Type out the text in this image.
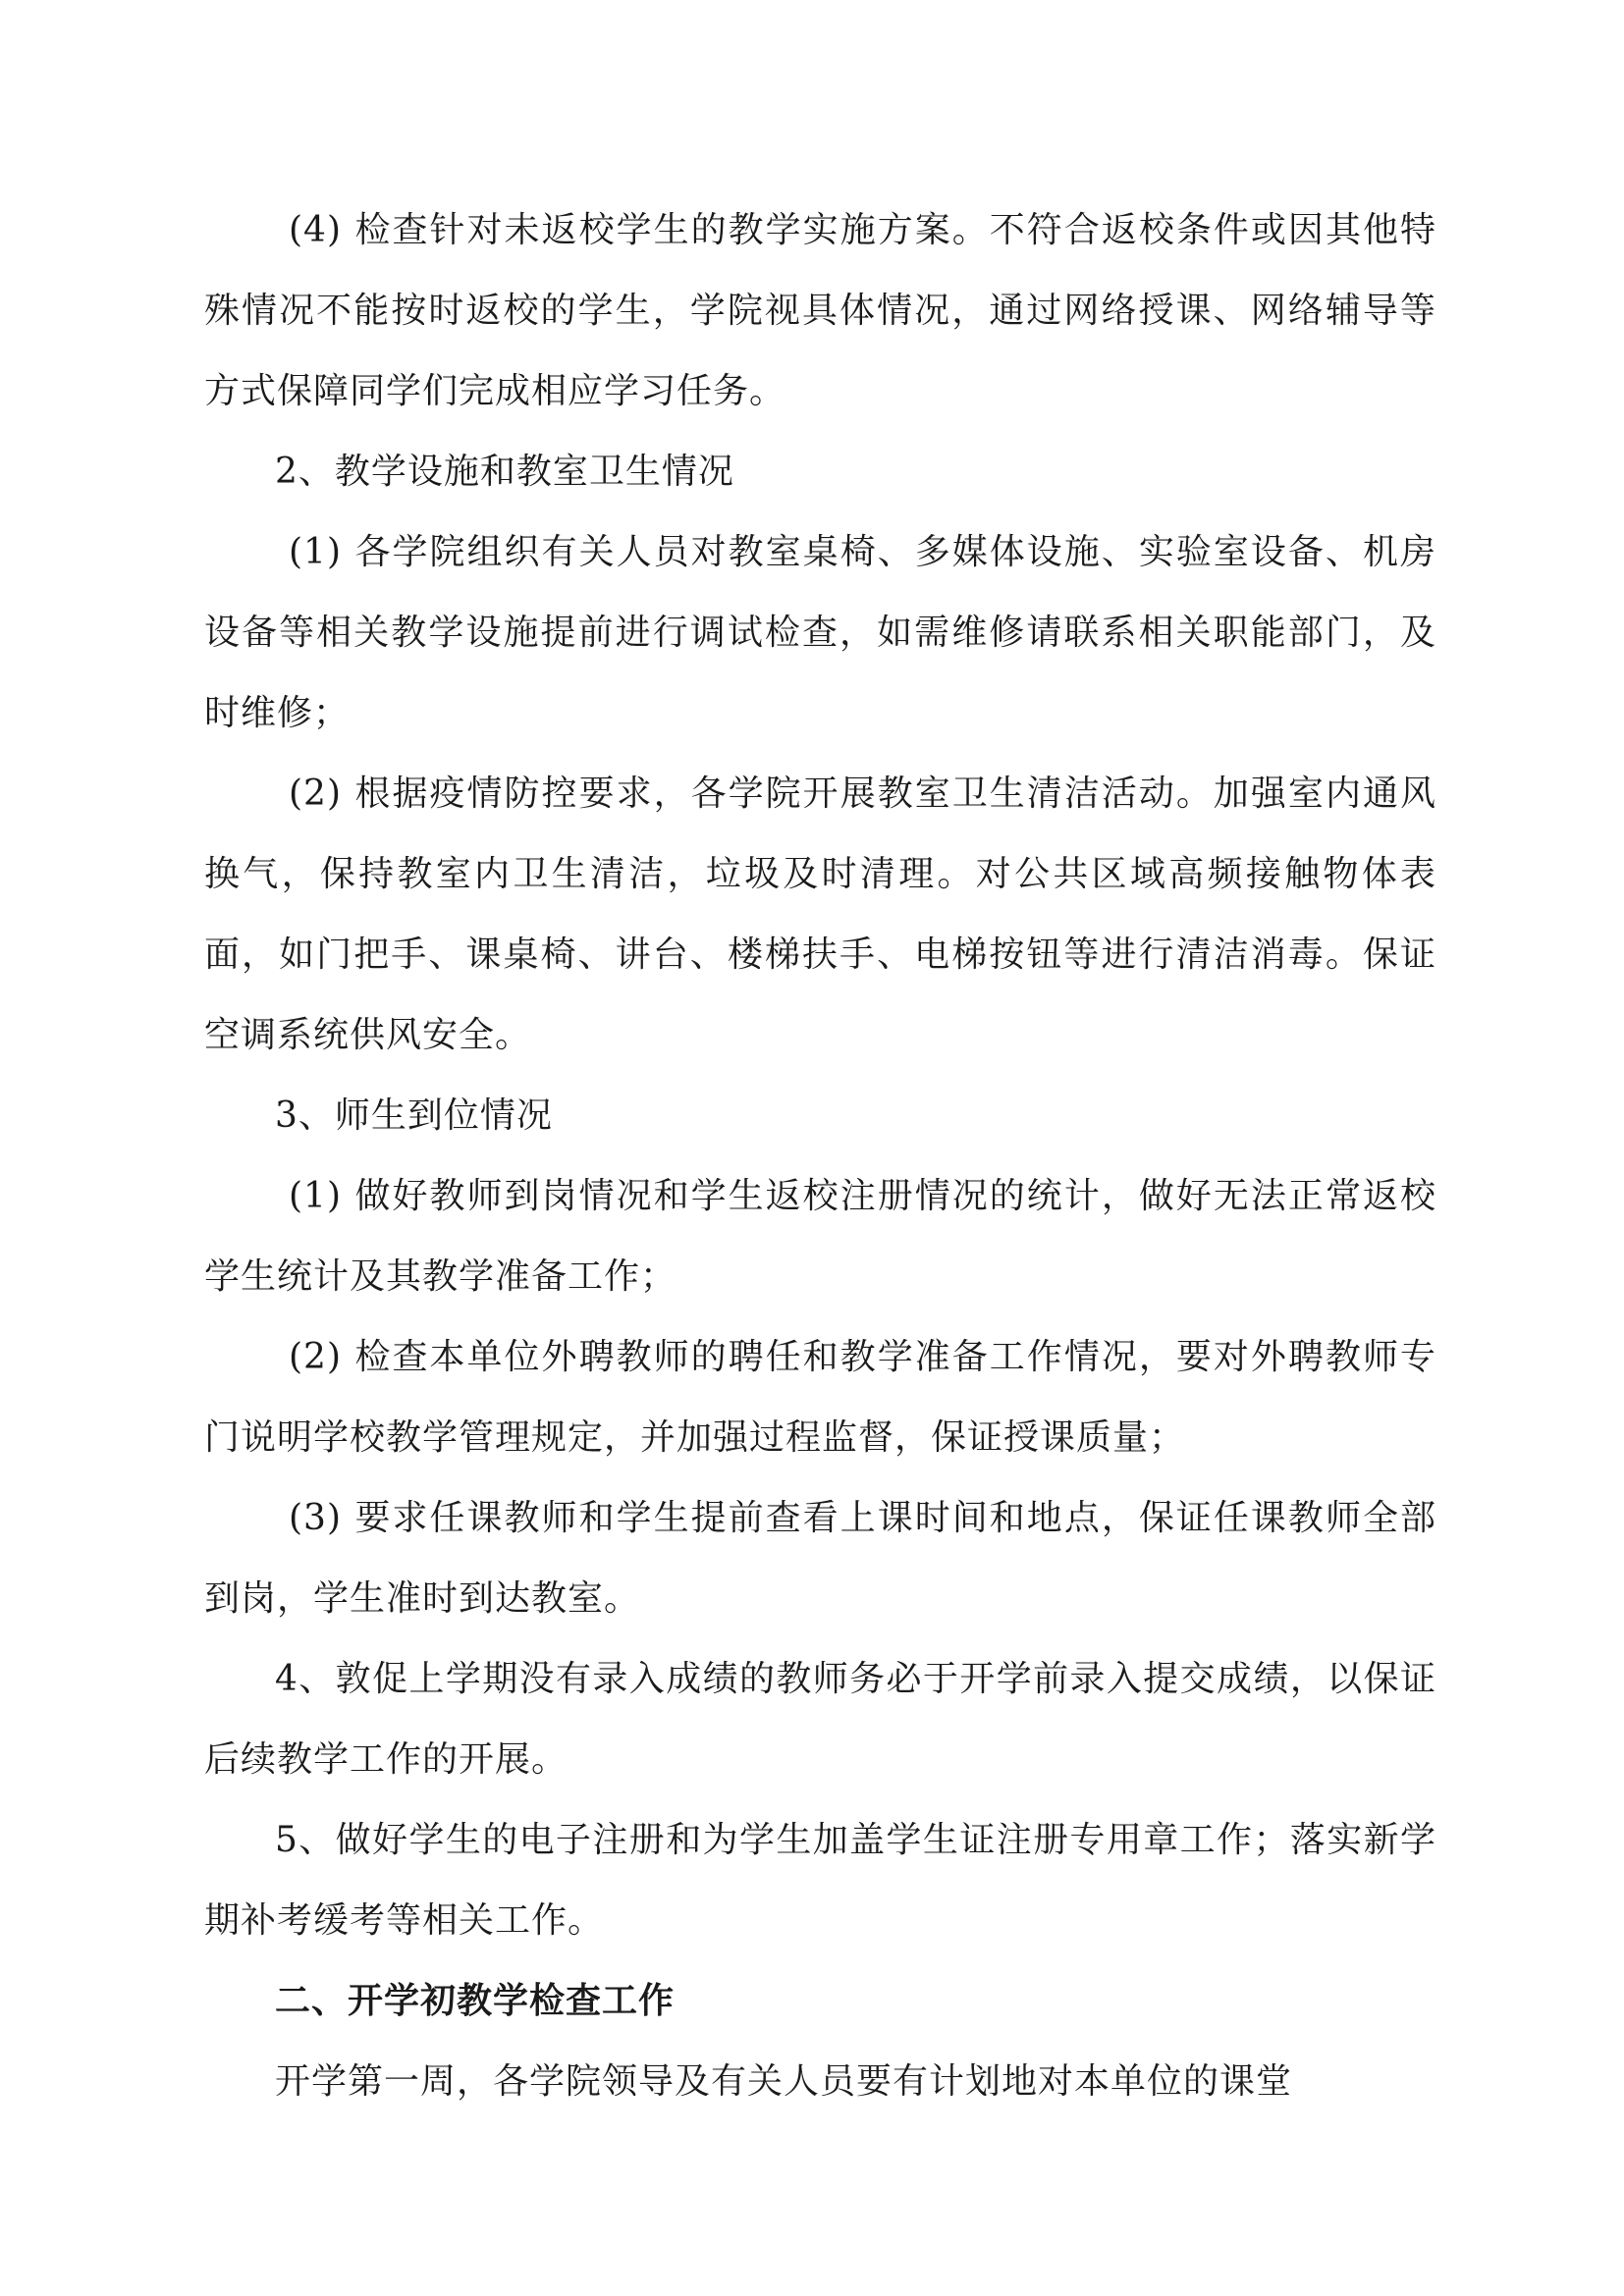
(4) 检查针对未返校学生的教学实施方案。不符合返校条件或因其他特殊情况不能按时返校的学生，学院视具体情况，通过网络授课、网络辅导等方式保障同学们完成相应学习任务。

2、教学设施和教室卫生情况

(1) 各学院组织有关人员对教室桌椅、多媒体设施、实验室设备、机房设备等相关教学设施提前进行调试检查，如需维修请联系相关职能部门，及时维修；

(2) 根据疫情防控要求，各学院开展教室卫生清洁活动。加强室内通风换气，保持教室内卫生清洁，垃圾及时清理。对公共区域高频接触物体表面，如门把手、课桌椅、讲台、楼梯扶手、电梯按钮等进行清洁消毒。保证空调系统供风安全。

3、师生到位情况

(1) 做好教师到岗情况和学生返校注册情况的统计，做好无法正常返校学生统计及其教学准备工作；

(2) 检查本单位外聘教师的聘任和教学准备工作情况，要对外聘教师专门说明学校教学管理规定，并加强过程监督，保证授课质量；

(3) 要求任课教师和学生提前查看上课时间和地点，保证任课教师全部到岗，学生准时到达教室。

4、敦促上学期没有录入成绩的教师务必于开学前录入提交成绩，以保证后续教学工作的开展。

5、做好学生的电子注册和为学生加盖学生证注册专用章工作；落实新学期补考缓考等相关工作。

二、开学初教学检查工作

开学第一周，各学院领导及有关人员要有计划地对本单位的课堂
